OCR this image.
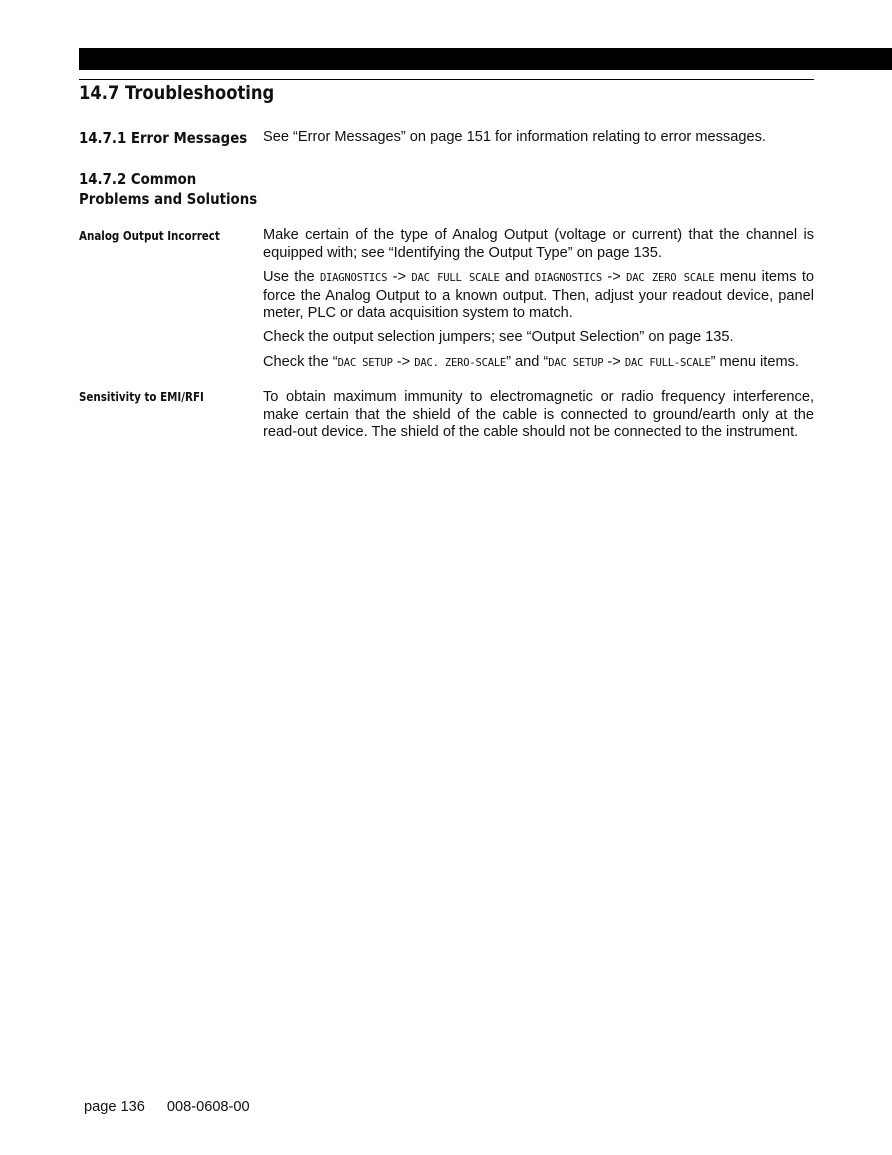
14.7 Troubleshooting
14.7.1 Error Messages See “Error Messages” on page 151 for information relating to error messages.

14.7.2 Common
Problems and Solutions
Analog Output Incorrect	Make certain of the type of Analog Output (voltage or current) that the channel is equipped with; see “Identifying the Output Type” on page 135.

Use the DIAGNOSTICS -> DAC FULL SCALE and DIAGNOSTICS -> DAC ZERO SCALE menu items to force the Analog Output to a known output. Then, adjust your readout device, panel meter, PLC or data acquisition system to match.

Check the output selection jumpers; see “Output Selection” on page 135.

Check the “DAC SETUP -> DAC. ZERO-SCALE” and “DAC SETUP -> DAC FULL-SCALE” menu items.

Sensitivity to EMI/RFI	To obtain maximum immunity to electromagnetic or radio frequency interference, make certain that the shield of the cable is connected to ground/earth only at the read-out device. The shield of the cable should not be connected to the instrument.

page 136 008-0608-00
